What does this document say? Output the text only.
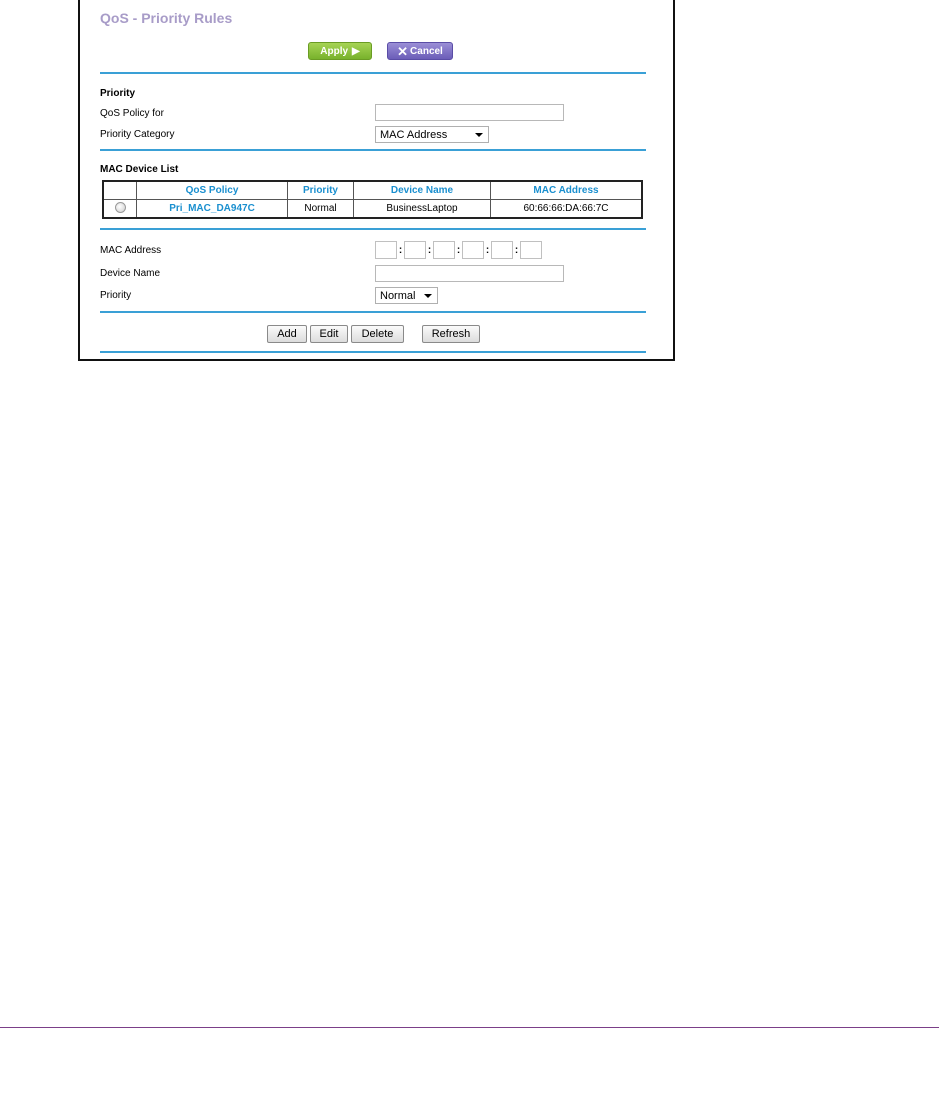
QoS - Priority Rules
Apply ▶	✕ Cancel
Priority
QoS Policy for
Priority Category	MAC Address
MAC Device List
	QoS Policy	Priority	Device Name	MAC Address
	Pri_MAC_DA947C	Normal	BusinessLaptop	60:66:66:DA:66:7C
MAC Address	:	:	:	:	:
Device Name
Priority	Normal
Add	Edit	Delete	Refresh
